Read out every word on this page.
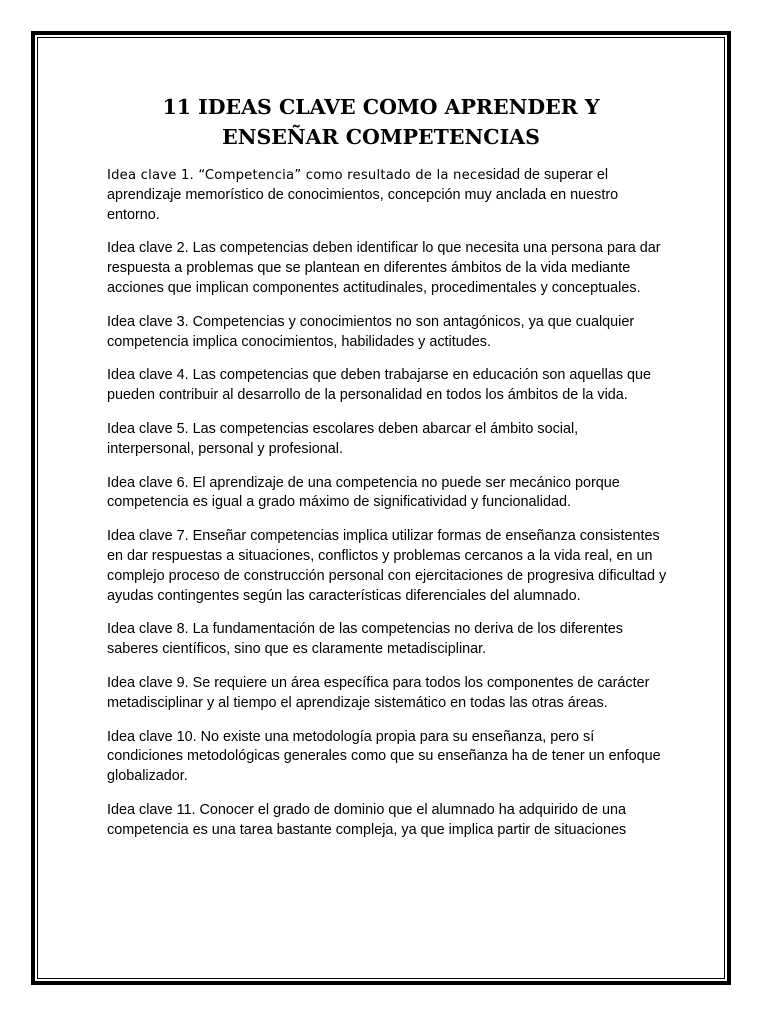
11 IDEAS CLAVE COMO APRENDER Y
ENSEÑAR COMPETENCIAS

Idea clave 1. “Competencia” como resultado de la necesidad de superar el aprendizaje memorístico de conocimientos, concepción muy anclada en nuestro entorno.

Idea clave 2. Las competencias deben identificar lo que necesita una persona para dar respuesta a problemas que se plantean en diferentes ámbitos de la vida mediante acciones que implican componentes actitudinales, procedimentales y conceptuales.

Idea clave 3. Competencias y conocimientos no son antagónicos, ya que cualquier competencia implica conocimientos, habilidades y actitudes.

Idea clave 4. Las competencias que deben trabajarse en educación son aquellas que pueden contribuir al desarrollo de la personalidad en todos los ámbitos de la vida.

Idea clave 5. Las competencias escolares deben abarcar el ámbito social, interpersonal, personal y profesional.

Idea clave 6. El aprendizaje de una competencia no puede ser mecánico porque competencia es igual a grado máximo de significatividad y funcionalidad.

Idea clave 7. Enseñar competencias implica utilizar formas de enseñanza consistentes en dar respuestas a situaciones, conflictos y problemas cercanos a la vida real, en un complejo proceso de construcción personal con ejercitaciones de progresiva dificultad y ayudas contingentes según las características diferenciales del alumnado.

Idea clave 8. La fundamentación de las competencias no deriva de los diferentes saberes científicos, sino que es claramente metadisciplinar.

Idea clave 9. Se requiere un área específica para todos los componentes de carácter metadisciplinar y al tiempo el aprendizaje sistemático en todas las otras áreas.

Idea clave 10. No existe una metodología propia para su enseñanza, pero sí condiciones metodológicas generales como que su enseñanza ha de tener un enfoque globalizador.

Idea clave 11. Conocer el grado de dominio que el alumnado ha adquirido de una competencia es una tarea bastante compleja, ya que implica partir de situaciones
